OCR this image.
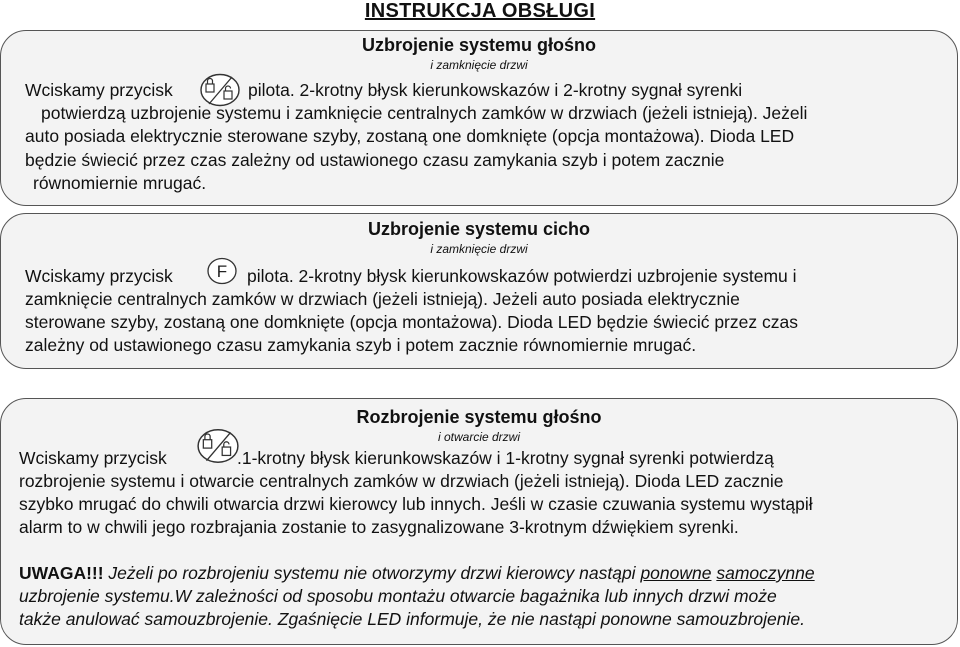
INSTRUKCJA OBSŁUGI
Uzbrojenie systemu głośno
i zamknięcie drzwi
Wciskamy przycisk	pilota. 2-krotny błysk kierunkowskazów i 2-krotny sygnał syrenki
potwierdzą uzbrojenie systemu i zamknięcie centralnych zamków w drzwiach (jeżeli istnieją). Jeżeli
auto posiada elektrycznie sterowane szyby, zostaną one domknięte (opcja montażowa). Dioda LED
będzie świecić przez czas zależny od ustawionego czasu zamykania szyb i potem zacznie
równomiernie mrugać.
Uzbrojenie systemu cicho
i zamknięcie drzwi
Wciskamy przycisk	F pilota. 2-krotny błysk kierunkowskazów potwierdzi uzbrojenie systemu i
zamknięcie centralnych zamków w drzwiach (jeżeli istnieją). Jeżeli auto posiada elektrycznie
sterowane szyby, zostaną one domknięte (opcja montażowa). Dioda LED będzie świecić przez czas
zależny od ustawionego czasu zamykania szyb i potem zacznie równomiernie mrugać.
Rozbrojenie systemu głośno
i otwarcie drzwi
Wciskamy przycisk	.1-krotny błysk kierunkowskazów i 1-krotny sygnał syrenki potwierdzą
rozbrojenie systemu i otwarcie centralnych zamków w drzwiach (jeżeli istnieją). Dioda LED zacznie
szybko mrugać do chwili otwarcia drzwi kierowcy lub innych. Jeśli w czasie czuwania systemu wystąpił
alarm to w chwili jego rozbrajania zostanie to zasygnalizowane 3-krotnym dźwiękiem syrenki.
UWAGA!!! Jeżeli po rozbrojeniu systemu nie otworzymy drzwi kierowcy nastąpi ponowne samoczynne
uzbrojenie systemu.W zależności od sposobu montażu otwarcie bagażnika lub innych drzwi może
także anulować samouzbrojenie. Zgaśnięcie LED informuje, że nie nastąpi ponowne samouzbrojenie.
